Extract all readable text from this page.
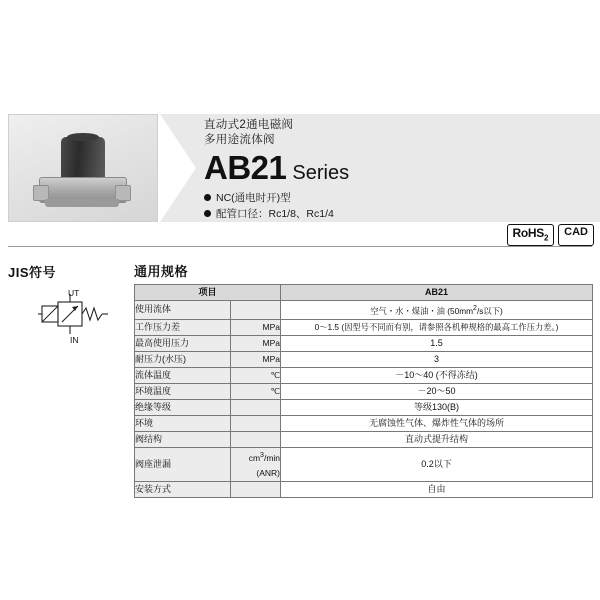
直动式2通电磁阀
多用途流体阀
AB21 Series
NC(通电时开)型
配管口径：Rc1/8、Rc1/4
RoHS$_2$	CAD
JIS符号
UT
IN
通用规格
项目		AB21
使用流体		空气・水・煤油・油 ($50mm^2/s$以下)
工作压力差	MPa	0～1.5 (因型号不同而有别，请参照各机种规格的最高工作压力差。)
最高使用压力	MPa	1.5
耐压力(水压)	MPa	3
流体温度	℃	－10～40 (不得冻结)
环境温度	℃	－20～50
绝缘等级		等级130(B)
环境		无腐蚀性气体、爆炸性气体的场所
阀结构		直动式提升结构
阀座泄漏	$cm^3/\min$ (ANR)	0.2以下
安装方式		自由
